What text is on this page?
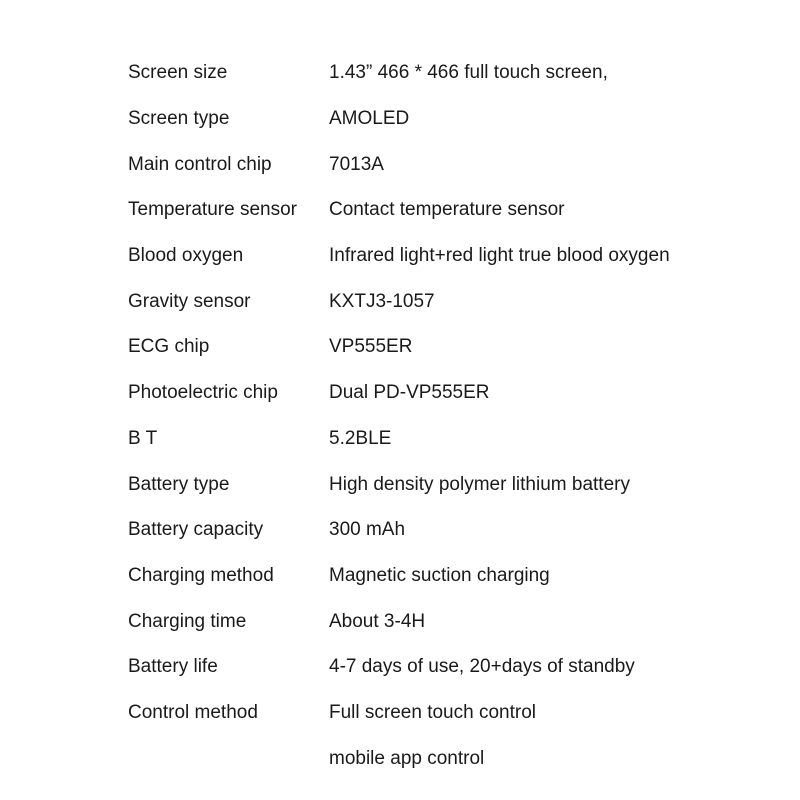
Screen size	1.43” 466 * 466 full touch screen,
Screen type	AMOLED
Main control chip	7013A
Temperature sensor	Contact temperature sensor
Blood oxygen	Infrared light+red light true blood oxygen
Gravity sensor	KXTJ3-1057
ECG chip	VP555ER
Photoelectric chip	Dual PD-VP555ER
B T	5.2BLE
Battery type	High density polymer lithium battery
Battery capacity	300 mAh
Charging method	Magnetic suction charging
Charging time	About 3-4H
Battery life	4-7 days of use, 20+days of standby
Control method	Full screen touch control
mobile app control
